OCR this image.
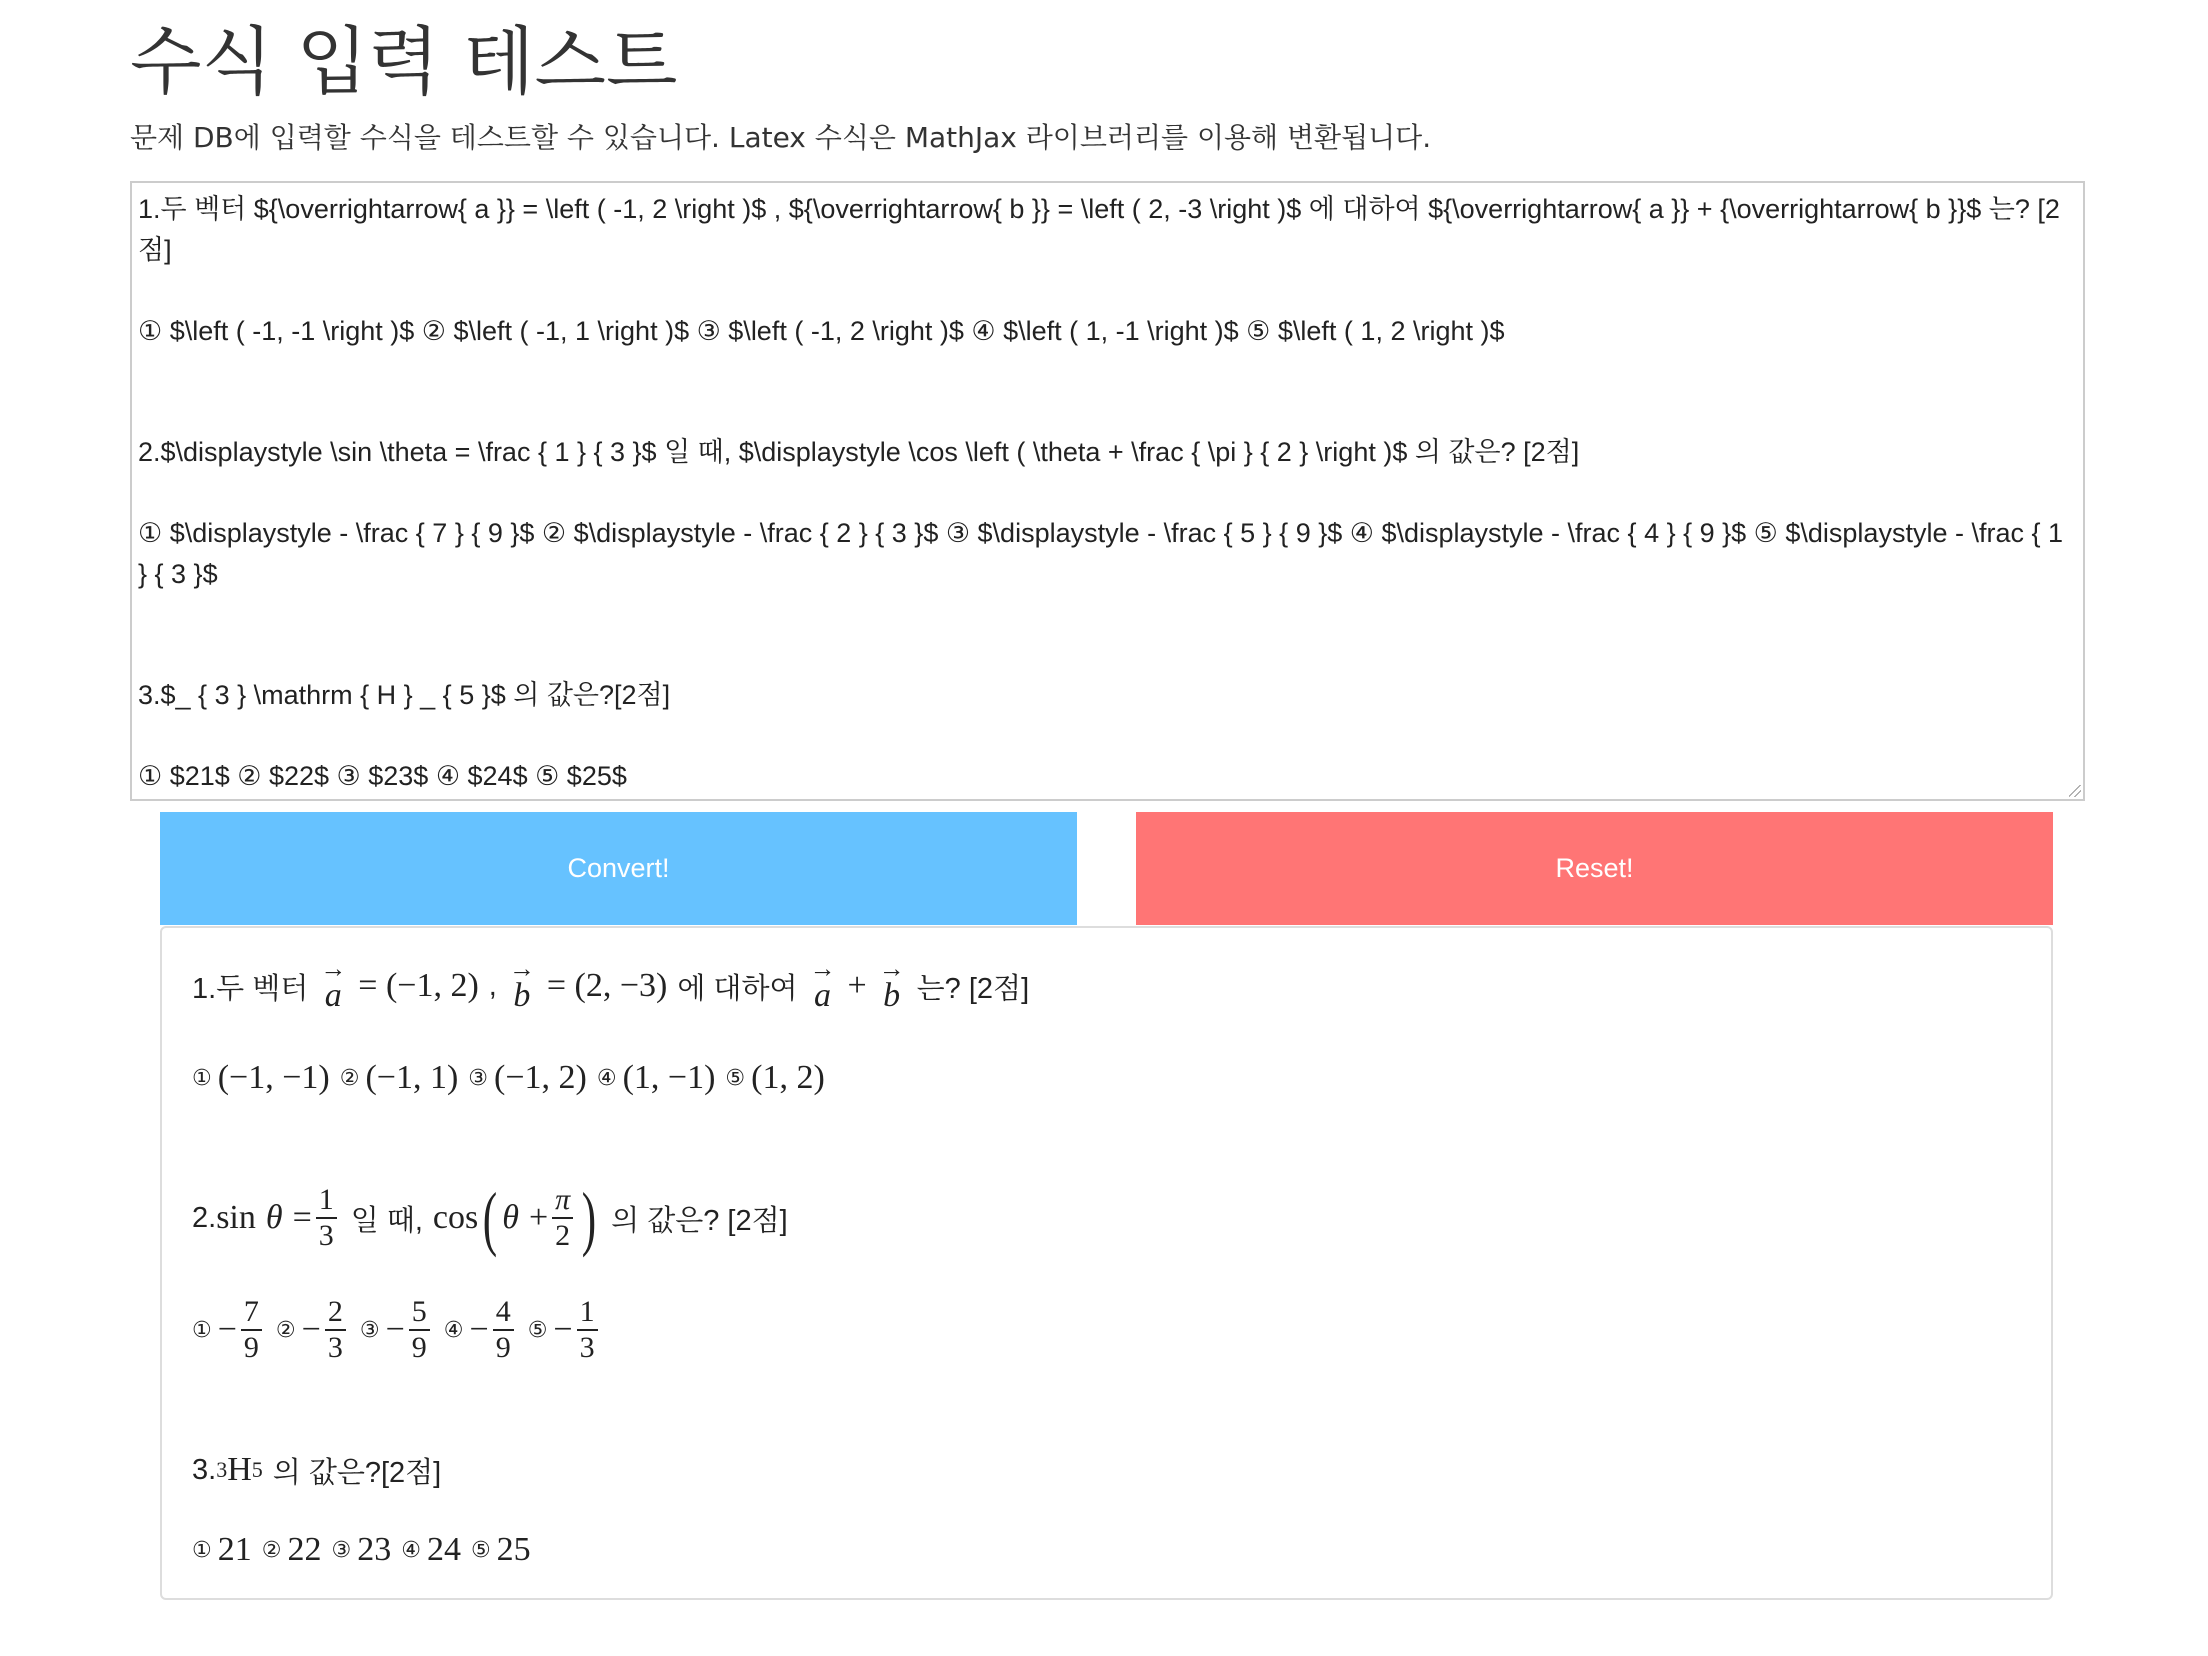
수식 입력 테스트
문제 DB에 입력할 수식을 테스트할 수 있습니다. Latex 수식은 MathJax 라이브러리를 이용해 변환됩니다.
1.두 벡터 ${\overrightarrow{ a }} = \left ( -1, 2 \right )$ , ${\overrightarrow{ b }} = \left ( 2, -3 \right )$ 에 대하여 ${\overrightarrow{ a }} + {\overrightarrow{ b }}$ 는? [2점]
① $\left ( -1, -1 \right )$ ② $\left ( -1, 1 \right )$ ③ $\left ( -1, 2 \right )$ ④ $\left ( 1, -1 \right )$ ⑤ $\left ( 1, 2 \right )$
2.$\displaystyle \sin \theta = \frac { 1 } { 3 }$ 일 때, $\displaystyle \cos \left ( \theta + \frac { \pi } { 2 } \right )$ 의 값은? [2점]
① $\displaystyle - \frac { 7 } { 9 }$ ② $\displaystyle - \frac { 2 } { 3 }$ ③ $\displaystyle - \frac { 5 } { 9 }$ ④ $\displaystyle - \frac { 4 } { 9 }$ ⑤ $\displaystyle - \frac { 1 } { 3 }$
3.$_ { 3 } \mathrm { H } _ { 5 }$ 의 값은?[2점]
① $21$ ② $22$ ③ $23$ ④ $24$ ⑤ $25$
Convert!	Reset!
1.두 벡터
→
a = (−1, 2) ,
→
b = (2, −3) 에 대하여
→
a + →
b 는? [2점]
① (−1, −1) ② (−1, 1) ③ (−1, 2) ④ (1, −1) ⑤ (1, 2)
2. $\sin \theta = \frac{1}{3}$ 일 때, cos ( $\theta + \frac{\pi}{2}$ ) 의 값은? [2점]
① − $\frac{7}{9}$ ② − $\frac{2}{3}$ ③ − $\frac{5}{9}$ ④ − $\frac{4}{9}$ ⑤ − $\frac{1}{3}$
3. 3 H 5 의 값은?[2점]
① 21 ② 22 ③ 23 ④ 24 ⑤ 25
